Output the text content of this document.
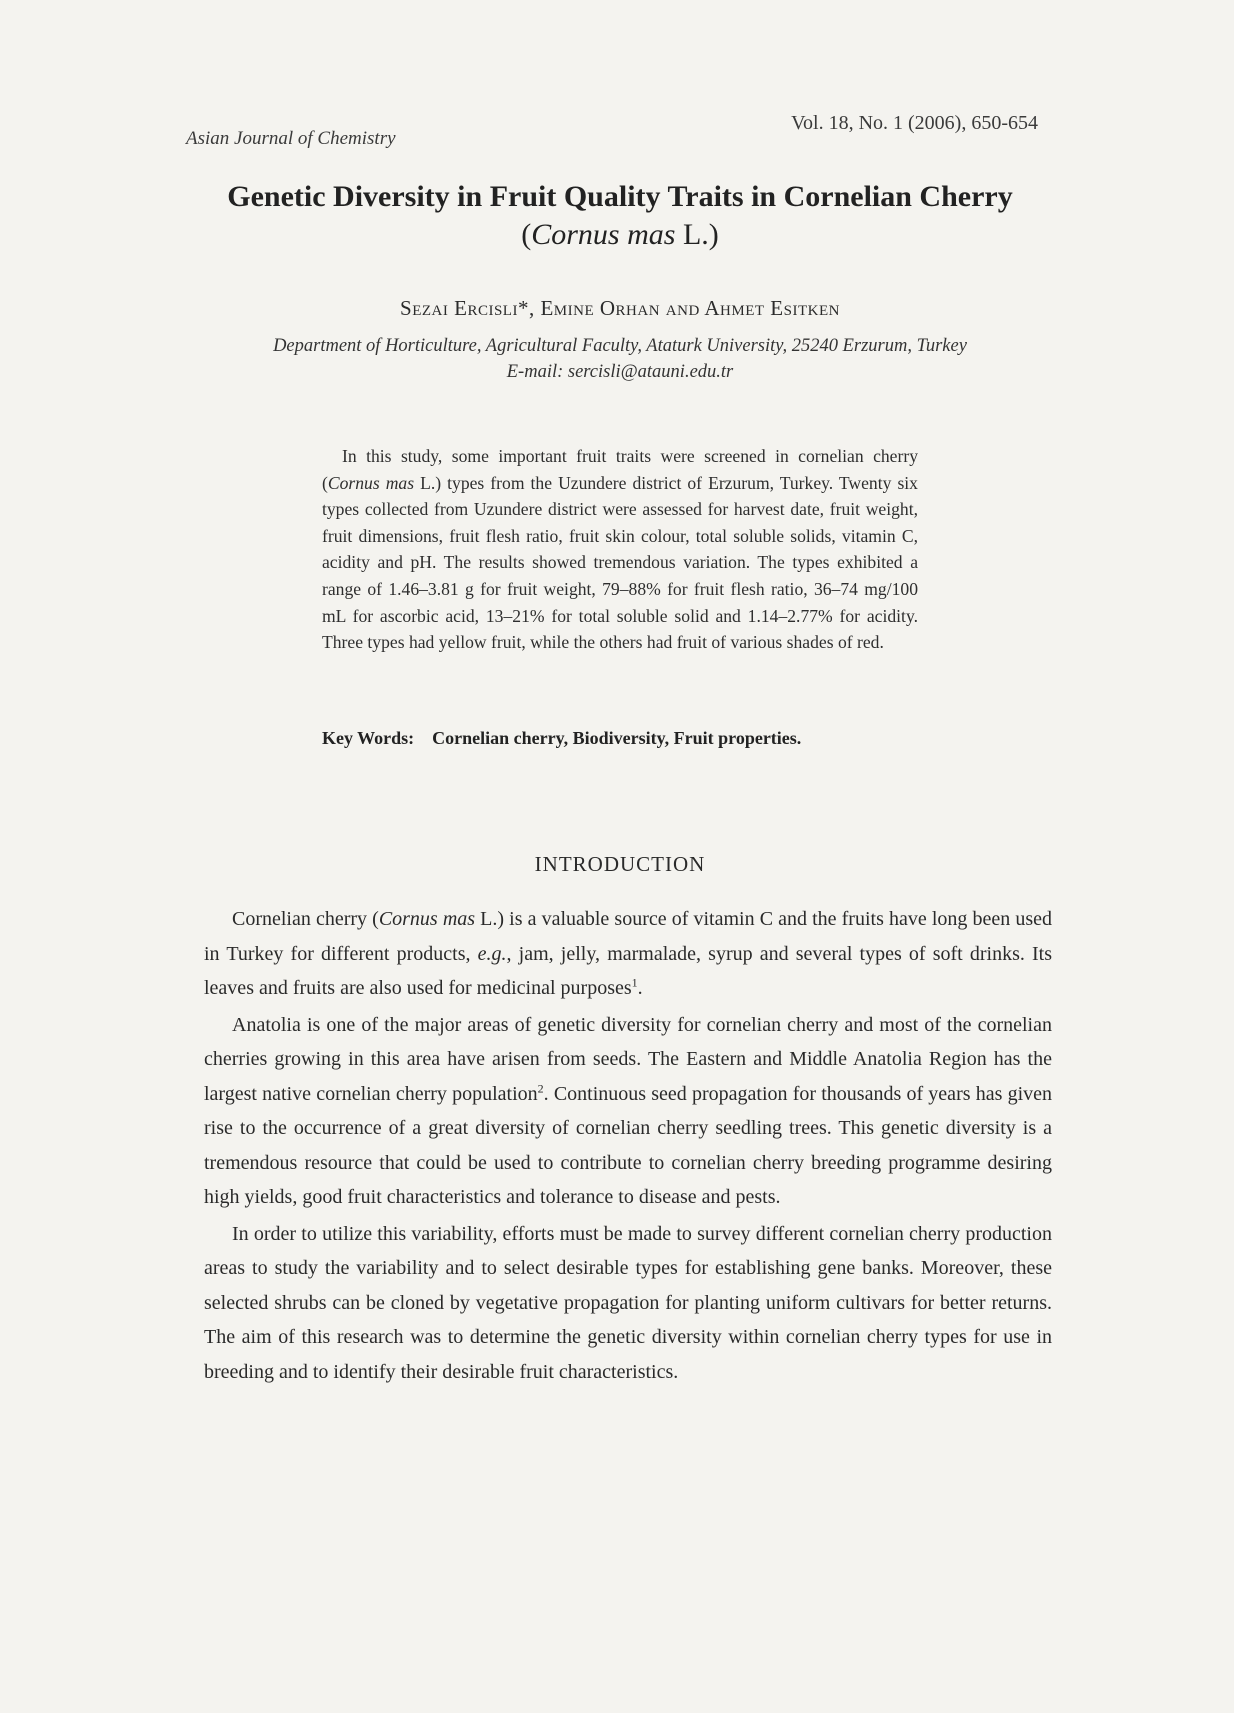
Asian Journal of Chemistry
Vol. 18, No. 1 (2006), 650-654
Genetic Diversity in Fruit Quality Traits in Cornelian Cherry
(Cornus mas L.)
Sezai Ercisli*, Emine Orhan and Ahmet Esitken
Department of Horticulture, Agricultural Faculty, Ataturk University, 25240 Erzurum, Turkey
E-mail: sercisli@atauni.edu.tr
In this study, some important fruit traits were screened in cornelian cherry (Cornus mas L.) types from the Uzundere district of Erzurum, Turkey. Twenty six types collected from Uzundere district were assessed for harvest date, fruit weight, fruit dimensions, fruit flesh ratio, fruit skin colour, total soluble solids, vitamin C, acidity and pH. The results showed tremendous variation. The types exhibited a range of 1.46–3.81 g for fruit weight, 79–88% for fruit flesh ratio, 36–74 mg/100 mL for ascorbic acid, 13–21% for total soluble solid and 1.14–2.77% for acidity. Three types had yellow fruit, while the others had fruit of various shades of red.
Key Words: Cornelian cherry, Biodiversity, Fruit properties.
INTRODUCTION

Cornelian cherry (Cornus mas L.) is a valuable source of vitamin C and the fruits have long been used in Turkey for different products, e.g., jam, jelly, marmalade, syrup and several types of soft drinks. Its leaves and fruits are also used for medicinal purposes$^1$.

Anatolia is one of the major areas of genetic diversity for cornelian cherry and most of the cornelian cherries growing in this area have arisen from seeds. The Eastern and Middle Anatolia Region has the largest native cornelian cherry population$^2$. Continuous seed propagation for thousands of years has given rise to the occurrence of a great diversity of cornelian cherry seedling trees. This genetic diversity is a tremendous resource that could be used to contribute to cornelian cherry breeding programme desiring high yields, good fruit characteristics and tolerance to disease and pests.

In order to utilize this variability, efforts must be made to survey different cornelian cherry production areas to study the variability and to select desirable types for establishing gene banks. Moreover, these selected shrubs can be cloned by vegetative propagation for planting uniform cultivars for better returns. The aim of this research was to determine the genetic diversity within cornelian cherry types for use in breeding and to identify their desirable fruit characteristics.
